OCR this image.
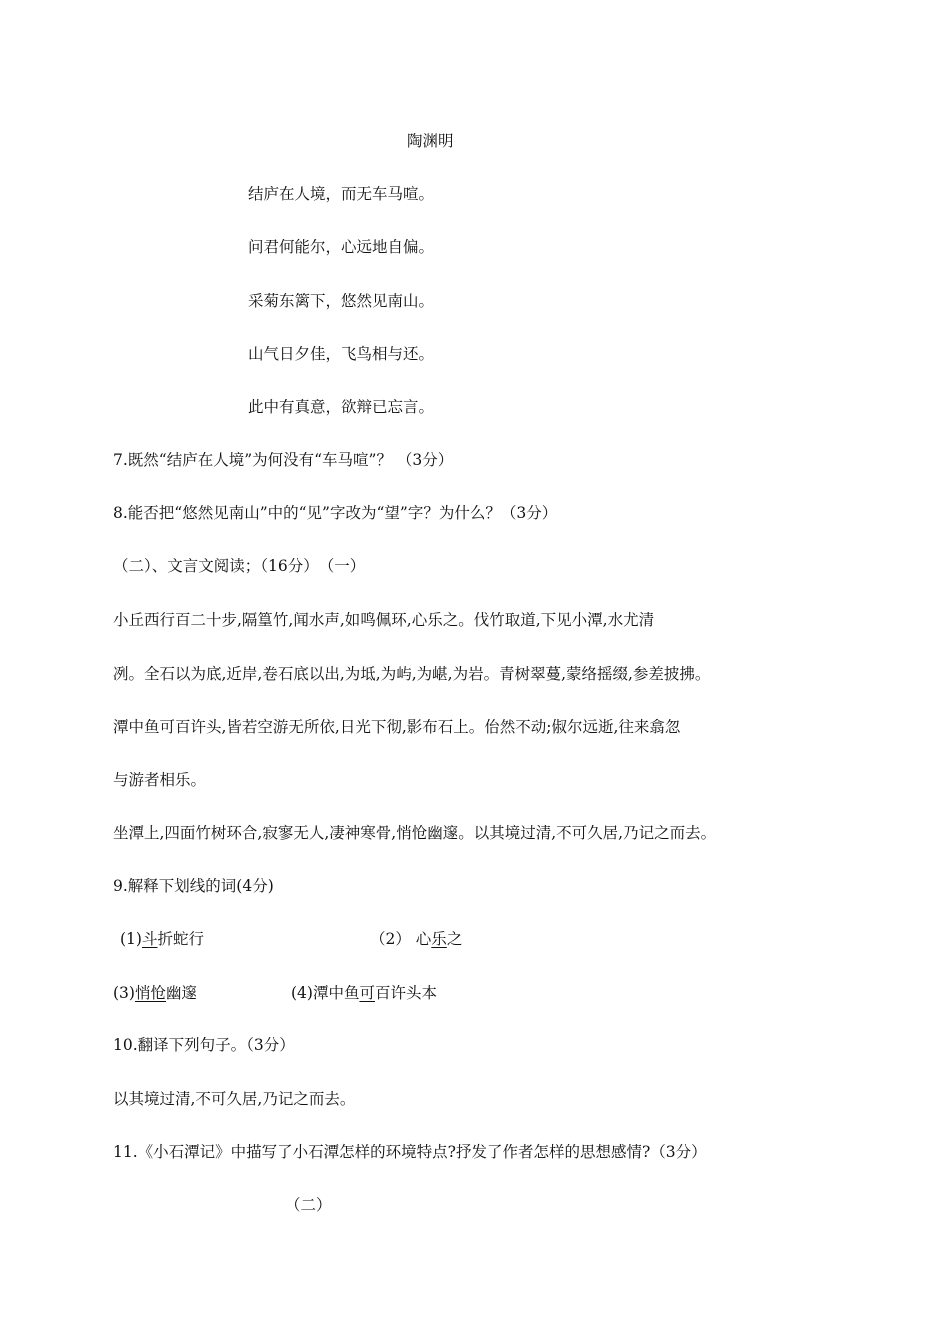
陶渊明
结庐在人境，而无车马喧。
问君何能尔，心远地自偏。
采菊东篱下，悠然见南山。
山气日夕佳，飞鸟相与还。
此中有真意，欲辩已忘言。
7.既然“结庐在人境”为何没有“车马喧”？ （3分）
8.能否把“悠然见南山”中的“见”字改为“望”字？为什么？（3分）
（二）、文言文阅读；（16分）　（一）
小丘西行百二十步,隔篁竹,闻水声,如鸣佩环,心乐之。伐竹取道,下见小潭,水尤清
冽。全石以为底,近岸,卷石底以出,为坻,为屿,为嵁,为岩。青树翠蔓,蒙络摇缀,参差披拂。
潭中鱼可百许头,皆若空游无所依,日光下彻,影布石上。佁然不动;俶尔远逝,往来翕忽
与游者相乐。
坐潭上,四面竹树环合,寂寥无人,凄神寒骨,悄怆幽邃。以其境过清,不可久居,乃记之而去。
9.解释下划线的词(4分)
(1)斗折蛇行	（2） 心乐之
(3)悄怆幽邃	(4)潭中鱼可百许头本
10.翻译下列句子。（3分）
以其境过清,不可久居,乃记之而去。
11.《小石潭记》中描写了小石潭怎样的环境特点?抒发了作者怎样的思想感情?（3分）
（二）
